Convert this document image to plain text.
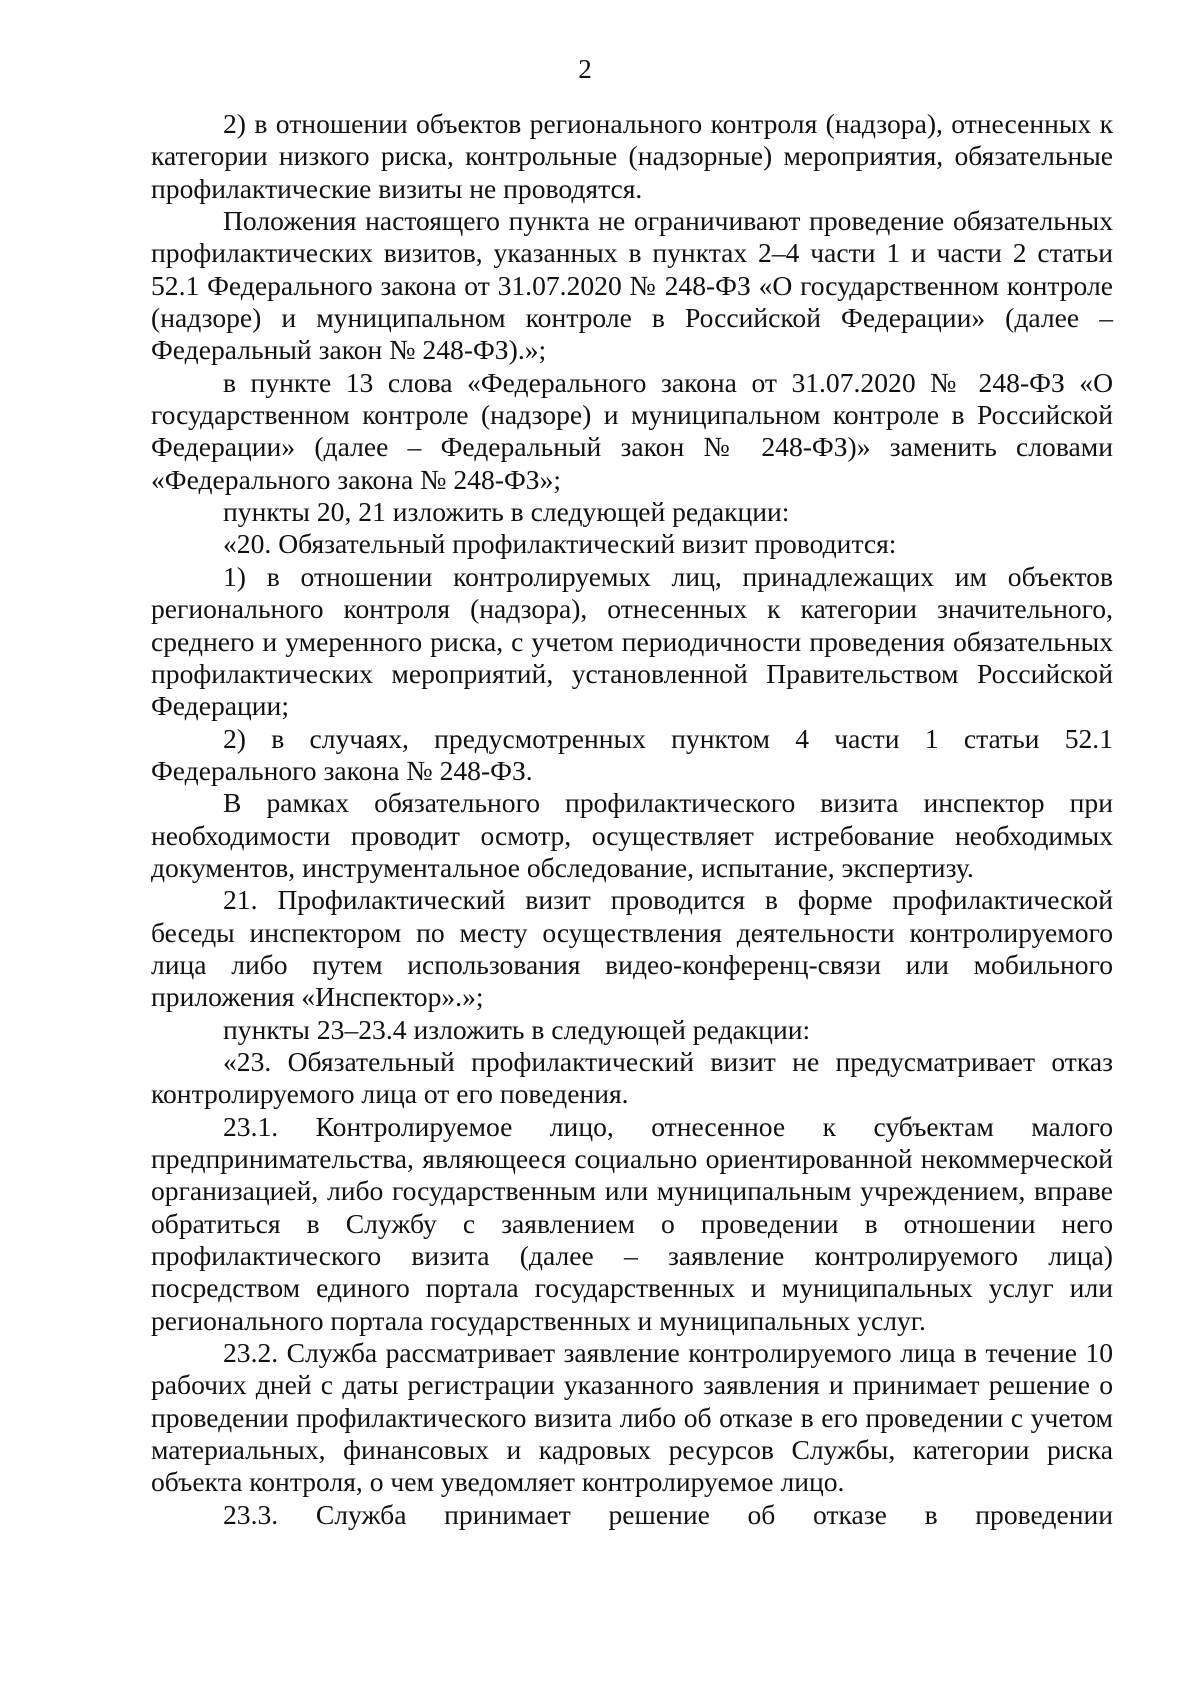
2

2) в отношении объектов регионального контроля (надзора), отнесенных к категории низкого риска, контрольные (надзорные) мероприятия, обязательные профилактические визиты не проводятся.

Положения настоящего пункта не ограничивают проведение обязательных профилактических визитов, указанных в пунктах 2–4 части 1 и части 2 статьи 52.1 Федерального закона от 31.07.2020 № 248-ФЗ «О государственном контроле (надзоре) и муниципальном контроле в Российской Федерации» (далее – Федеральный закон № 248-ФЗ).»;

в пункте 13 слова «Федерального закона от 31.07.2020 № 248-ФЗ «О государственном контроле (надзоре) и муниципальном контроле в Российской Федерации» (далее – Федеральный закон № 248-ФЗ)» заменить словами «Федерального закона № 248-ФЗ»;

пункты 20, 21 изложить в следующей редакции:

«20. Обязательный профилактический визит проводится:

1) в отношении контролируемых лиц, принадлежащих им объектов регионального контроля (надзора), отнесенных к категории значительного, среднего и умеренного риска, с учетом периодичности проведения обязательных профилактических мероприятий, установленной Правительством Российской Федерации;

2) в случаях, предусмотренных пунктом 4 части 1 статьи 52.1 Федерального закона № 248-ФЗ.

В рамках обязательного профилактического визита инспектор при необходимости проводит осмотр, осуществляет истребование необходимых документов, инструментальное обследование, испытание, экспертизу.

21. Профилактический визит проводится в форме профилактической беседы инспектором по месту осуществления деятельности контролируемого лица либо путем использования видео-конференц-связи или мобильного приложения «Инспектор».»;

пункты 23–23.4 изложить в следующей редакции:

«23. Обязательный профилактический визит не предусматривает отказ контролируемого лица от его поведения.

23.1. Контролируемое лицо, отнесенное к субъектам малого предпринимательства, являющееся социально ориентированной некоммерческой организацией, либо государственным или муниципальным учреждением, вправе обратиться в Службу с заявлением о проведении в отношении него профилактического визита (далее – заявление контролируемого лица) посредством единого портала государственных и муниципальных услуг или регионального портала государственных и муниципальных услуг.

23.2. Служба рассматривает заявление контролируемого лица в течение 10 рабочих дней с даты регистрации указанного заявления и принимает решение о проведении профилактического визита либо об отказе в его проведении с учетом материальных, финансовых и кадровых ресурсов Службы, категории риска объекта контроля, о чем уведомляет контролируемое лицо.

23.3. Служба принимает решение об отказе в проведении
